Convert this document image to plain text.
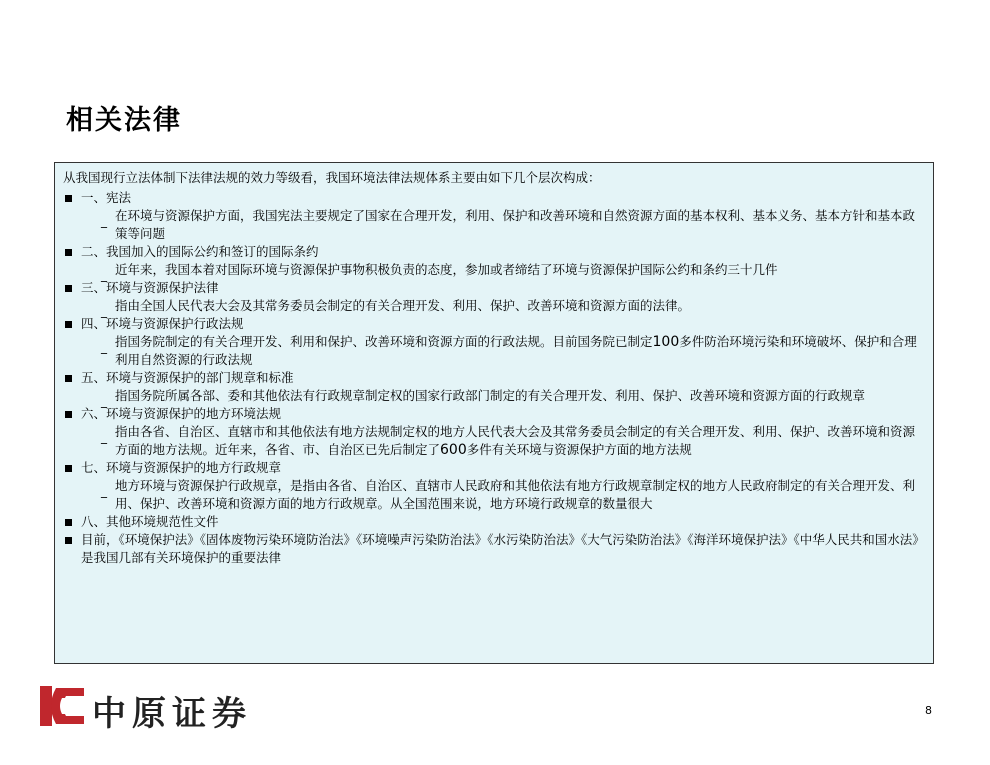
相关法律
从我国现行立法体制下法律法规的效力等级看，我国环境法律法规体系主要由如下几个层次构成：
一、宪法
_ 在环境与资源保护方面，我国宪法主要规定了国家在合理开发，利用、保护和改善环境和自然资源方面的基本权利、基本义务、基本方针和基本政策等问题
二、我国加入的国际公约和签订的国际条约
_ 近年来，我国本着对国际环境与资源保护事物积极负责的态度，参加或者缔结了环境与资源保护国际公约和条约三十几件
三、环境与资源保护法律
_ 指由全国人民代表大会及其常务委员会制定的有关合理开发、利用、保护、改善环境和资源方面的法律。
四、环境与资源保护行政法规
_ 指国务院制定的有关合理开发、利用和保护、改善环境和资源方面的行政法规。目前国务院已制定100多件防治环境污染和环境破坏、保护和合理利用自然资源的行政法规
五、环境与资源保护的部门规章和标准
_ 指国务院所属各部、委和其他依法有行政规章制定权的国家行政部门制定的有关合理开发、利用、保护、改善环境和资源方面的行政规章
六、环境与资源保护的地方环境法规
_ 指由各省、自治区、直辖市和其他依法有地方法规制定权的地方人民代表大会及其常务委员会制定的有关合理开发、利用、保护、改善环境和资源方面的地方法规。近年来，各省、市、自治区已先后制定了600多件有关环境与资源保护方面的地方法规
七、环境与资源保护的地方行政规章
_ 地方环境与资源保护行政规章，是指由各省、自治区、直辖市人民政府和其他依法有地方行政规章制定权的地方人民政府制定的有关合理开发、利用、保护、改善环境和资源方面的地方行政规章。从全国范围来说，地方环境行政规章的数量很大
八、其他环境规范性文件
目前，《环境保护法》《固体废物污染环境防治法》《环境噪声污染防治法》《水污染防治法》《大气污染防治法》《海洋环境保护法》《中华人民共和国水法》是我国几部有关环境保护的重要法律
中原证券	8
